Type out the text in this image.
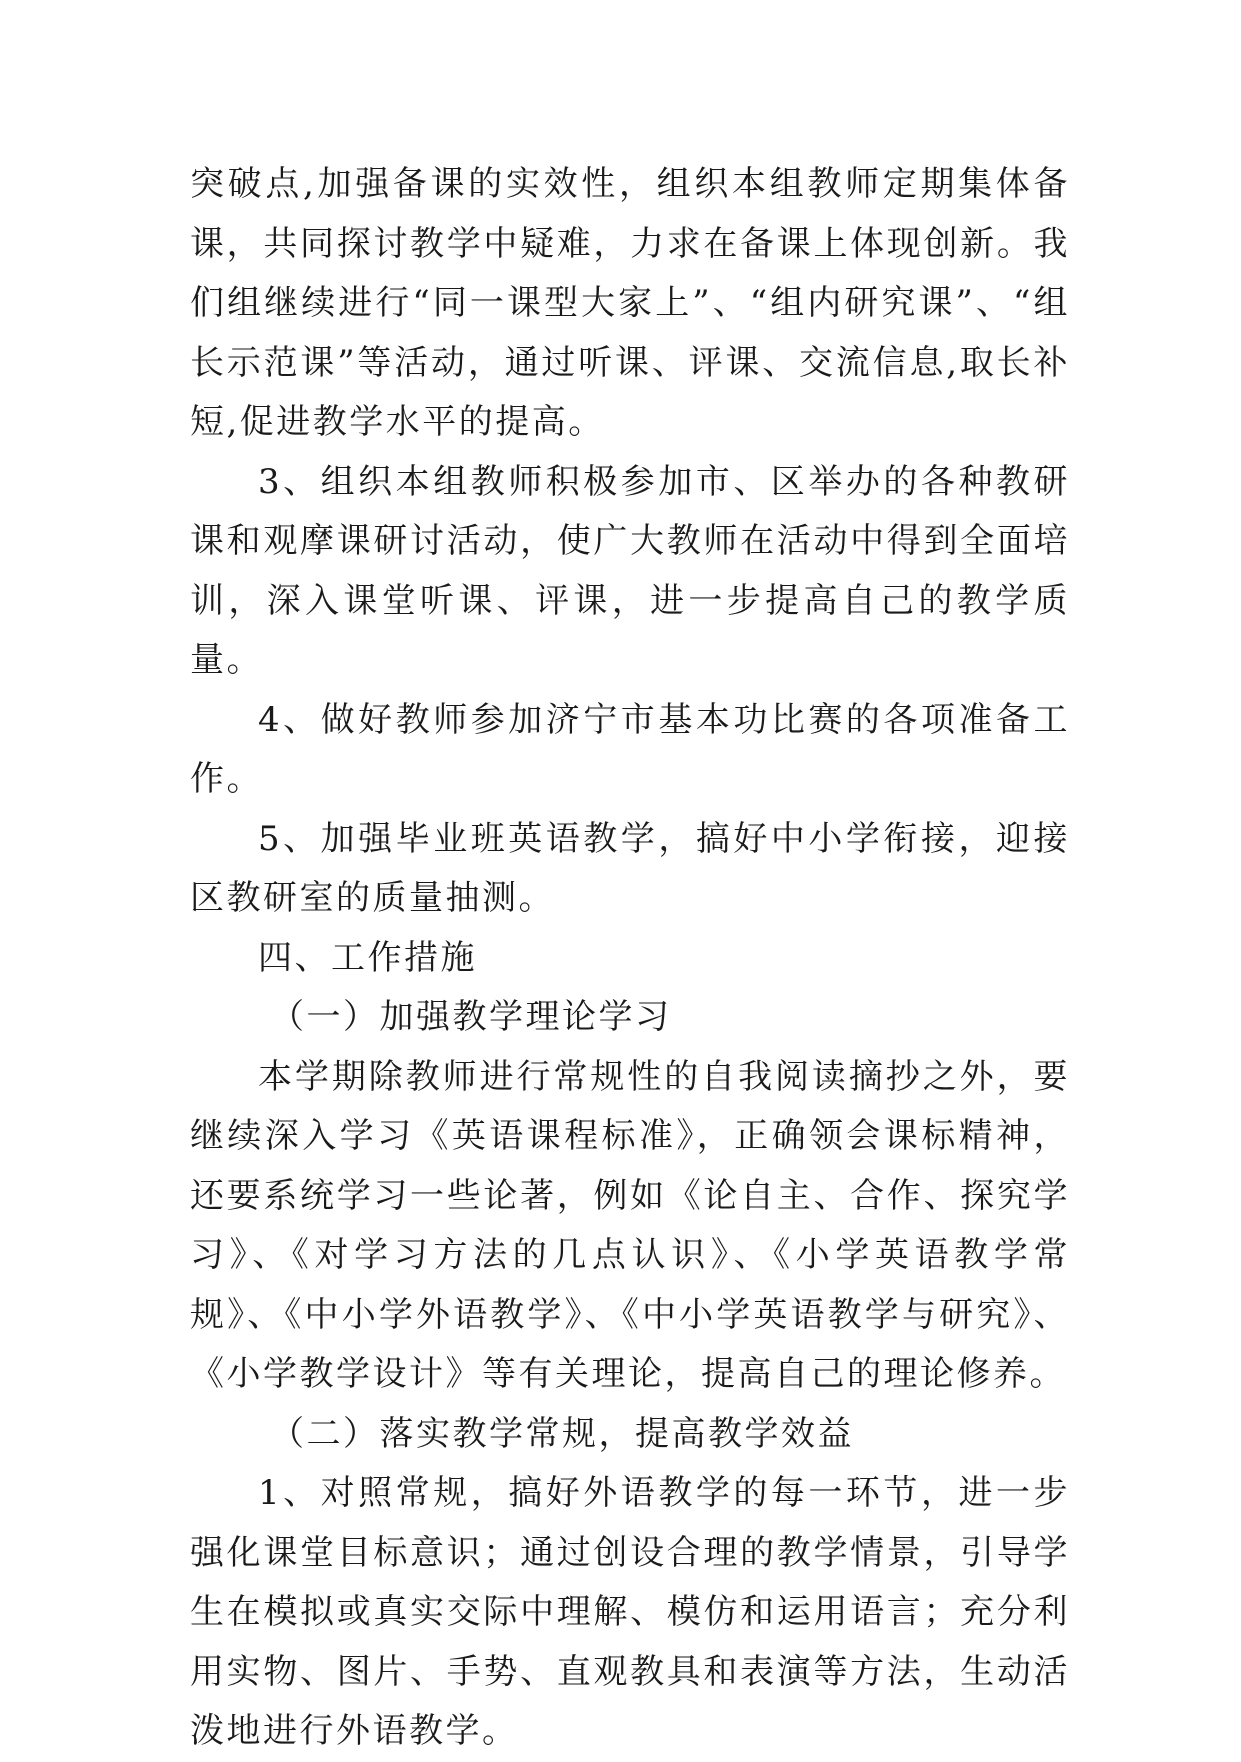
突破点,加强备课的实效性，组织本组教师定期集体备课，共同探讨教学中疑难，力求在备课上体现创新。我们组继续进行“同一课型大家上”、“组内研究课”、“组长示范课”等活动，通过听课、评课、交流信息,取长补短,促进教学水平的提高。

3、组织本组教师积极参加市、区举办的各种教研课和观摩课研讨活动，使广大教师在活动中得到全面培训，深入课堂听课、评课，进一步提高自己的教学质量。

4、做好教师参加济宁市基本功比赛的各项准备工作。

5、加强毕业班英语教学，搞好中小学衔接，迎接区教研室的质量抽测。

四、工作措施

（一）加强教学理论学习

本学期除教师进行常规性的自我阅读摘抄之外，要继续深入学习《英语课程标准》，正确领会课标精神，还要系统学习一些论著，例如《论自主、合作、探究学习》、《对学习方法的几点认识》、《小学英语教学常规》、《中小学外语教学》、《中小学英语教学与研究》、《小学教学设计》等有关理论，提高自己的理论修养。

（二）落实教学常规，提高教学效益

1、对照常规，搞好外语教学的每一环节，进一步强化课堂目标意识；通过创设合理的教学情景，引导学生在模拟或真实交际中理解、模仿和运用语言；充分利用实物、图片、手势、直观教具和表演等方法，生动活泼地进行外语教学。
